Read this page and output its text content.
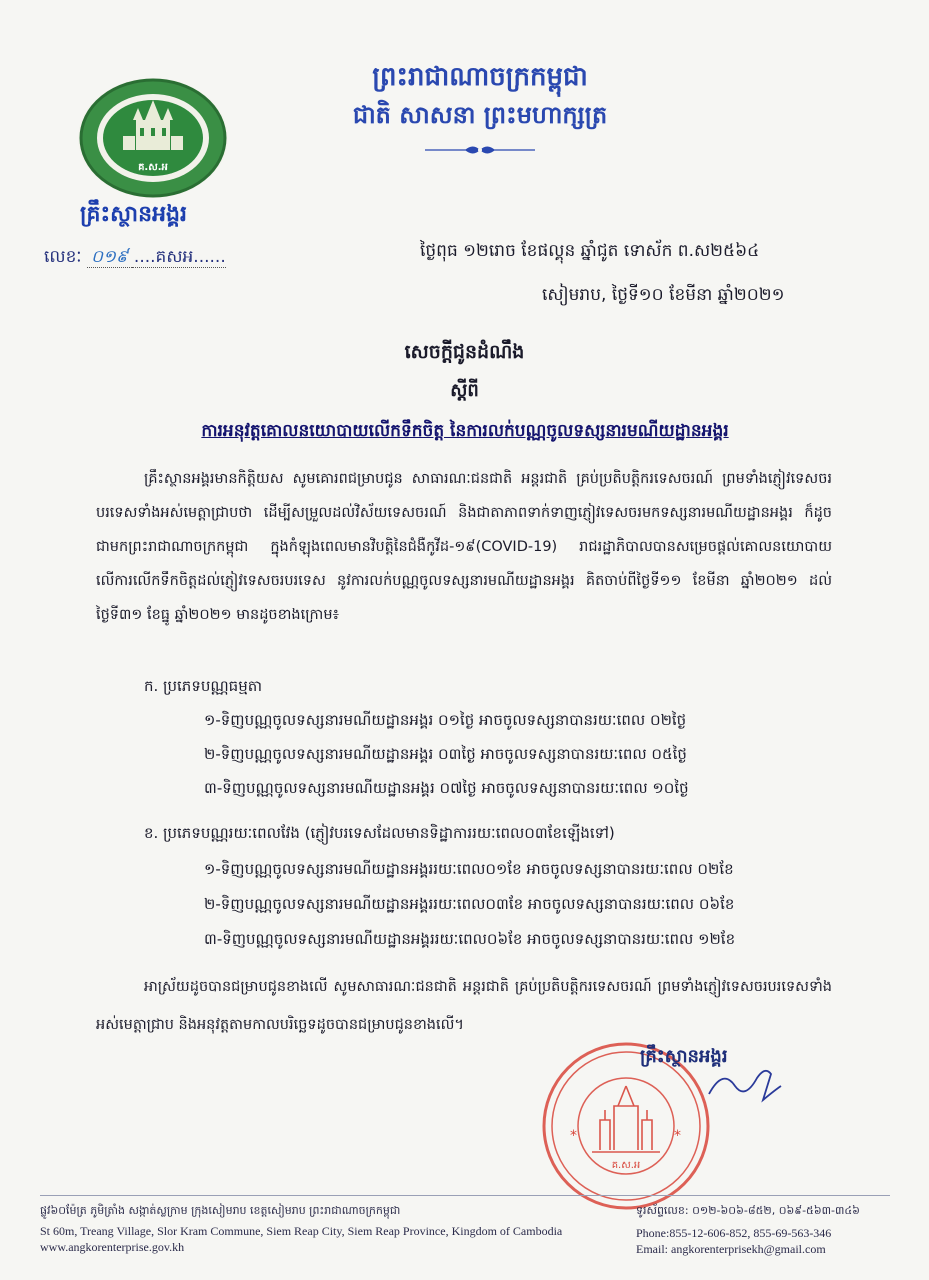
គ.ស.អ
គ្រឹះស្ថានអង្គរ
លេខៈ ០១៩ ....គសអ......
ព្រះរាជាណាចក្រកម្ពុជា
ជាតិ សាសនា ព្រះមហាក្សត្រ
ថ្ងៃពុធ ១២រោច ខែផល្គុន ឆ្នាំជូត ទោស័ក ព.ស២៥៦៤
សៀមរាប, ថ្ងៃទី១០ ខែមីនា ឆ្នាំ២០២១
សេចក្តីជូនដំណឹង
ស្តីពី
ការអនុវត្តគោលនយោបាយលើកទឹកចិត្ត នៃការលក់បណ្ណចូលទស្សនារមណីយដ្ឋានអង្គរ
គ្រឹះស្ថានអង្គរមានកិត្តិយស សូមគោរពជម្រាបជូន សាធារណៈជនជាតិ អន្តរជាតិ គ្រប់ប្រតិបត្តិករទេសចរណ៍ ព្រមទាំងភ្ញៀវទេសចរបរទេសទាំងអស់មេត្តាជ្រាបថា ដើម្បីសម្រួលដល់វិស័យទេសចរណ៍ និងជាតាភាពទាក់ទាញភ្ញៀវទេសចរមកទស្សនារមណីយដ្ឋានអង្គរ ក៏ដូចជាមកព្រះរាជាណាចក្រកម្ពុជា ក្នុងកំឡុងពេលមានវិបត្តិនៃជំងឺកូវីដ-១៩(COVID-19) រាជរដ្ឋាភិបាលបានសម្រេចផ្តល់គោលនយោបាយលើការលើកទឹកចិត្តដល់ភ្ញៀវទេសចរបរទេស នូវការលក់បណ្ណចូលទស្សនារមណីយដ្ឋានអង្គរ គិតចាប់ពីថ្ងៃទី១១ ខែមីនា ឆ្នាំ២០២១ ដល់ថ្ងៃទី៣១ ខែធ្នូ ឆ្នាំ២០២១ មានដូចខាងក្រោម៖
ក. ប្រភេទបណ្ណធម្មតា
១-ទិញបណ្ណចូលទស្សនារមណីយដ្ឋានអង្គរ ០១ថ្ងៃ អាចចូលទស្សនាបានរយៈពេល ០២ថ្ងៃ
២-ទិញបណ្ណចូលទស្សនារមណីយដ្ឋានអង្គរ ០៣ថ្ងៃ អាចចូលទស្សនាបានរយៈពេល ០៥ថ្ងៃ
៣-ទិញបណ្ណចូលទស្សនារមណីយដ្ឋានអង្គរ ០៧ថ្ងៃ អាចចូលទស្សនាបានរយៈពេល ១០ថ្ងៃ
ខ. ប្រភេទបណ្ណរយៈពេលវែង (ភ្ញៀវបរទេសដែលមានទិដ្ឋាការរយៈពេល០៣ខែឡើងទៅ)
១-ទិញបណ្ណចូលទស្សនារមណីយដ្ឋានអង្គររយៈពេល០១ខែ អាចចូលទស្សនាបានរយៈពេល ០២ខែ
២-ទិញបណ្ណចូលទស្សនារមណីយដ្ឋានអង្គររយៈពេល០៣ខែ អាចចូលទស្សនាបានរយៈពេល ០៦ខែ
៣-ទិញបណ្ណចូលទស្សនារមណីយដ្ឋានអង្គររយៈពេល០៦ខែ អាចចូលទស្សនាបានរយៈពេល ១២ខែ
អាស្រ័យដូចបានជម្រាបជូនខាងលើ សូមសាធារណៈជនជាតិ អន្តរជាតិ គ្រប់ប្រតិបត្តិករទេសចរណ៍ ព្រមទាំងភ្ញៀវទេសចរបរទេសទាំងអស់មេត្តាជ្រាប និងអនុវត្តតាមកាលបរិច្ឆេទដូចបានជម្រាបជូនខាងលើ។
គ.ស.អ
*	*
គ្រឹះស្ថានអង្គរ
ផ្លូវ៦០ម៉ែត្រ ភូមិត្រាំង សង្កាត់ស្លក្រាម ក្រុងសៀមរាប ខេត្តសៀមរាប ព្រះរាជាណាចក្រកម្ពុជា
St 60m, Treang Village, Slor Kram Commune, Siem Reap City, Siem Reap Province, Kingdom of Cambodia
www.angkorenterprise.gov.kh
ទូរស័ព្ទលេខ: ០១២-៦០៦-៨៥២, ០៦៩-៥៦៣-៣៤៦
Phone:855-12-606-852, 855-69-563-346
Email: angkorenterprisekh@gmail.com
